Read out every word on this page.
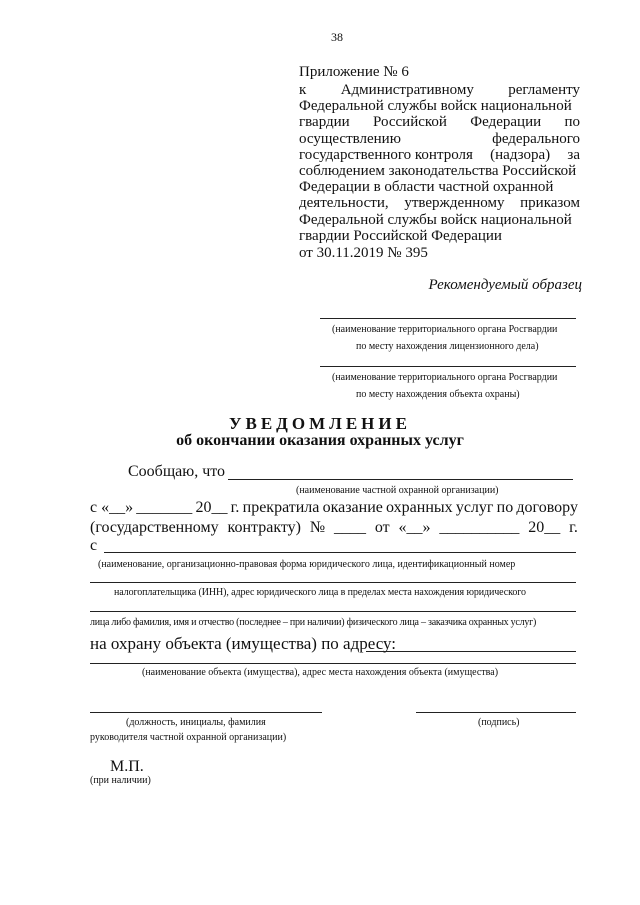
38
Приложение № 6
к Административному регламенту
Федеральной службы войск национальной
гвардии Российской Федерации по
осуществлению	федерального
государственного контроля (надзора) за
соблюдением законодательства Российской
Федерации в области частной охранной
деятельности, утвержденному приказом
Федеральной службы войск национальной
гвардии Российской Федерации
от 30.11.2019 № 395
Рекомендуемый образец
(наименование территориального органа Росгвардии
по месту нахождения лицензионного дела)
(наименование территориального органа Росгвардии
по месту нахождения объекта охраны)
УВЕДОМЛЕНИЕ
об окончании оказания охранных услуг
Сообщаю, что
(наименование частной охранной организации)
с «__» _______ 20__ г. прекратила оказание охранных услуг по договору
(государственному контракту) № ____ от «__» __________ 20__ г.
с
(наименование, организационно-правовая форма юридического лица, идентификационный номер
налогоплательщика (ИНН), адрес юридического лица в пределах места нахождения юридического
лица либо фамилия, имя и отчество (последнее – при наличии) физического лица – заказчика охранных услуг)
на охрану объекта (имущества) по адресу:
(наименование объекта (имущества), адрес места нахождения объекта (имущества)
(должность, инициалы, фамилия
руководителя частной охранной организации)
(подпись)
М.П.
(при наличии)
